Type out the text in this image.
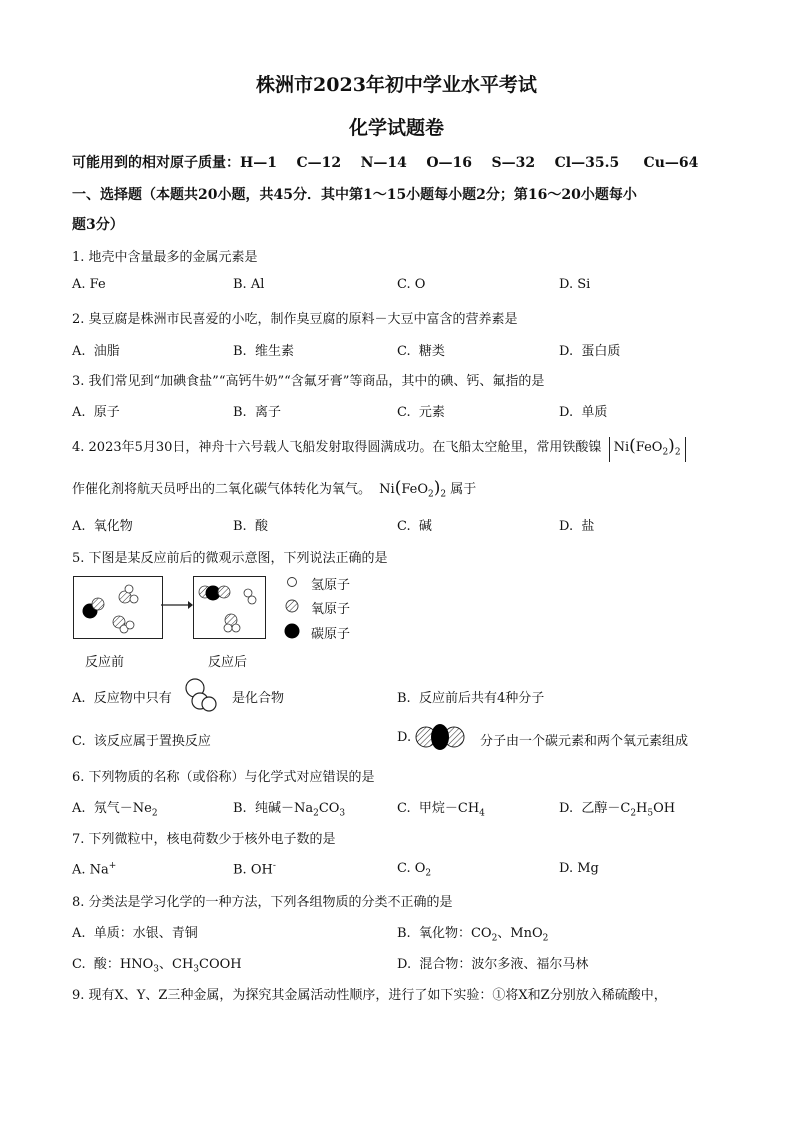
株洲市2023年初中学业水平考试
化学试题卷
可能用到的相对原子质量：H—1    C—12    N—14    O—16    S—32    Cl—35.5     Cu—64
一、选择题（本题共20小题，共45分．其中第1～15小题每小题2分；第16～20小题每小
题3分）
1. 地壳中含量最多的金属元素是
A. Fe	B. Al	C. O	D. Si
2. 臭豆腐是株洲市民喜爱的小吃，制作臭豆腐的原料－大豆中富含的营养素是
A.  油脂	B.  维生素	C.  糖类	D.  蛋白质
3. 我们常见到“加碘食盐”“高钙牛奶”“含氟牙膏”等商品，其中的碘、钙、氟指的是
A.  原子	B.  离子	C.  元素	D.  单质
4. 2023年5月30日，神舟十六号载人飞船发射取得圆满成功。在飞船太空舱里，常用铁酸镍 $Ni(FeO_2)_2$
作催化剂将航天员呼出的二氧化碳气体转化为氧气。 $Ni(FeO_2)_2$ 属于
A.  氧化物	B.  酸	C.  碱	D.  盐
5. 下图是某反应前后的微观示意图，下列说法正确的是
氢原子
氧原子
碳原子
反应前	反应后
A.  反应物中只有	是化合物	B.  反应前后共有4种分子
C.  该反应属于置换反应	D.	分子由一个碳元素和两个氧元素组成
6. 下列物质的名称（或俗称）与化学式对应错误的是
A.  氖气$-Ne_2$	B.  纯碱$-Na_2CO_3$	C.  甲烷$-CH_4$	D.  乙醇$-C_2H_5OH$
7. 下列微粒中，核电荷数少于核外电子数的是
A. Na+	B. OH-	C. $O_2$	D. Mg
8. 分类法是学习化学的一种方法，下列各组物质的分类不正确的是
A.  单质：水银、青铜	B.  氧化物：$CO_2$、MnO$_2$
C.  酸：$HNO_3$、$CH_3COOH$	D.  混合物：波尔多液、福尔马林
9. 现有X、Y、Z三种金属，为探究其金属活动性顺序，进行了如下实验：①将X和Z分别放入稀硫酸中，
